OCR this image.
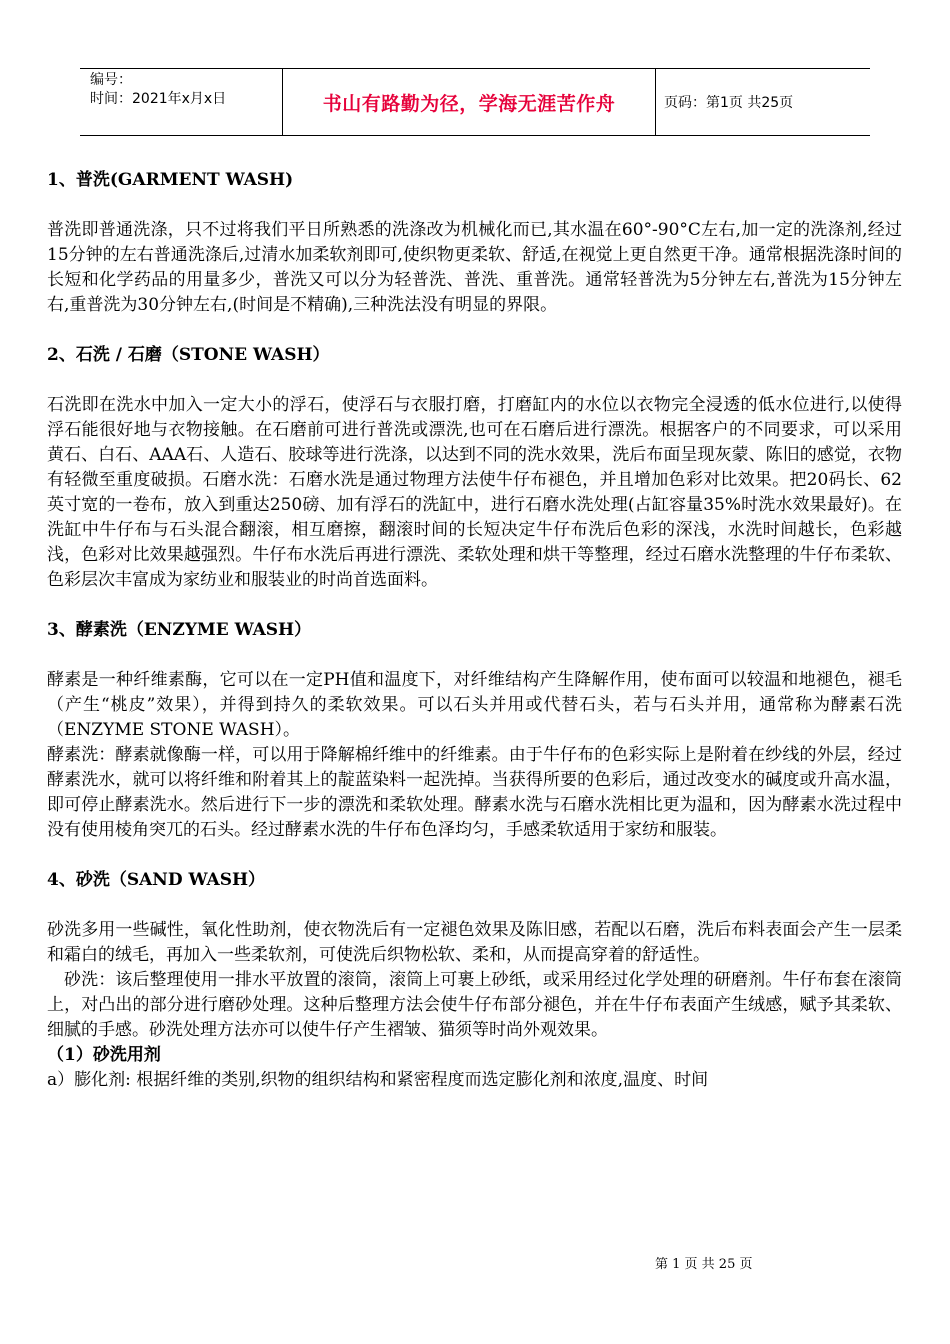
编号：
时间：2021年x月x日	书山有路勤为径，学海无涯苦作舟	页码：第1页 共25页
1、普洗(GARMENT WASH)

普洗即普通洗涤，只不过将我们平日所熟悉的洗涤改为机械化而已,其水温在60°-90°C左右,加一定的洗涤剂,经过15分钟的左右普通洗涤后,过清水加柔软剂即可,使织物更柔软、舒适,在视觉上更自然更干净。通常根据洗涤时间的长短和化学药品的用量多少，普洗又可以分为轻普洗、普洗、重普洗。通常轻普洗为5分钟左右,普洗为15分钟左右,重普洗为30分钟左右,(时间是不精确),三种洗法没有明显的界限。

2、石洗 / 石磨（STONE WASH）

石洗即在洗水中加入一定大小的浮石，使浮石与衣服打磨，打磨缸内的水位以衣物完全浸透的低水位进行,以使得浮石能很好地与衣物接触。在石磨前可进行普洗或漂洗,也可在石磨后进行漂洗。根据客户的不同要求，可以采用黄石、白石、AAA石、人造石、胶球等进行洗涤，以达到不同的洗水效果，洗后布面呈现灰蒙、陈旧的感觉，衣物有轻微至重度破损。石磨水洗：石磨水洗是通过物理方法使牛仔布褪色，并且增加色彩对比效果。把20码长、62英寸宽的一卷布，放入到重达250磅、加有浮石的洗缸中，进行石磨水洗处理(占缸容量35%时洗水效果最好)。在洗缸中牛仔布与石头混合翻滚，相互磨擦，翻滚时间的长短决定牛仔布洗后色彩的深浅，水洗时间越长，色彩越浅，色彩对比效果越强烈。牛仔布水洗后再进行漂洗、柔软处理和烘干等整理，经过石磨水洗整理的牛仔布柔软、色彩层次丰富成为家纺业和服装业的时尚首选面料。

3、酵素洗（ENZYME WASH）

酵素是一种纤维素酶，它可以在一定PH值和温度下，对纤维结构产生降解作用，使布面可以较温和地褪色，褪毛（产生“桃皮”效果），并得到持久的柔软效果。可以石头并用或代替石头，若与石头并用，通常称为酵素石洗（ENZYME STONE WASH）。

酵素洗：酵素就像酶一样，可以用于降解棉纤维中的纤维素。由于牛仔布的色彩实际上是附着在纱线的外层，经过酵素洗水，就可以将纤维和附着其上的靛蓝染料一起洗掉。当获得所要的色彩后，通过改变水的碱度或升高水温，即可停止酵素洗水。然后进行下一步的漂洗和柔软处理。酵素水洗与石磨水洗相比更为温和，因为酵素水洗过程中没有使用棱角突兀的石头。经过酵素水洗的牛仔布色泽均匀，手感柔软适用于家纺和服装。

4、砂洗（SAND WASH）

砂洗多用一些碱性，氧化性助剂，使衣物洗后有一定褪色效果及陈旧感，若配以石磨，洗后布料表面会产生一层柔和霜白的绒毛，再加入一些柔软剂，可使洗后织物松软、柔和，从而提高穿着的舒适性。

砂洗：该后整理使用一排水平放置的滚筒，滚筒上可裹上砂纸，或采用经过化学处理的研磨剂。牛仔布套在滚筒上，对凸出的部分进行磨砂处理。这种后整理方法会使牛仔布部分褪色，并在牛仔布表面产生绒感，赋予其柔软、细腻的手感。砂洗处理方法亦可以使牛仔产生褶皱、猫须等时尚外观效果。

（1）砂洗用剂

a）膨化剂: 根据纤维的类别,织物的组织结构和紧密程度而选定膨化剂和浓度,温度、时间

第 1 页 共 25 页
